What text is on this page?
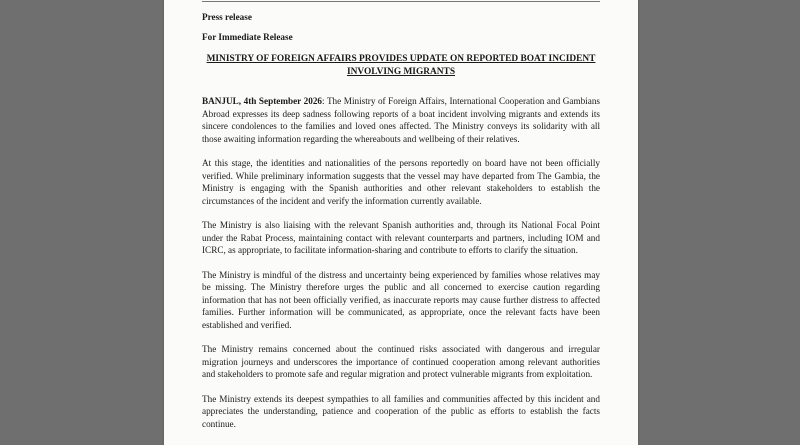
Press release

For Immediate Release

MINISTRY OF FOREIGN AFFAIRS PROVIDES UPDATE ON REPORTED BOAT INCIDENT INVOLVING MIGRANTS

BANJUL, 4th September 2026: The Ministry of Foreign Affairs, International Cooperation and Gambians Abroad expresses its deep sadness following reports of a boat incident involving migrants and extends its sincere condolences to the families and loved ones affected. The Ministry conveys its solidarity with all those awaiting information regarding the whereabouts and wellbeing of their relatives.

At this stage, the identities and nationalities of the persons reportedly on board have not been officially verified. While preliminary information suggests that the vessel may have departed from The Gambia, the Ministry is engaging with the Spanish authorities and other relevant stakeholders to establish the circumstances of the incident and verify the information currently available.

The Ministry is also liaising with the relevant Spanish authorities and, through its National Focal Point under the Rabat Process, maintaining contact with relevant counterparts and partners, including IOM and ICRC, as appropriate, to facilitate information-sharing and contribute to efforts to clarify the situation.

The Ministry is mindful of the distress and uncertainty being experienced by families whose relatives may be missing. The Ministry therefore urges the public and all concerned to exercise caution regarding information that has not been officially verified, as inaccurate reports may cause further distress to affected families. Further information will be communicated, as appropriate, once the relevant facts have been established and verified.

The Ministry remains concerned about the continued risks associated with dangerous and irregular migration journeys and underscores the importance of continued cooperation among relevant authorities and stakeholders to promote safe and regular migration and protect vulnerable migrants from exploitation.

The Ministry extends its deepest sympathies to all families and communities affected by this incident and appreciates the understanding, patience and cooperation of the public as efforts to establish the facts continue.
